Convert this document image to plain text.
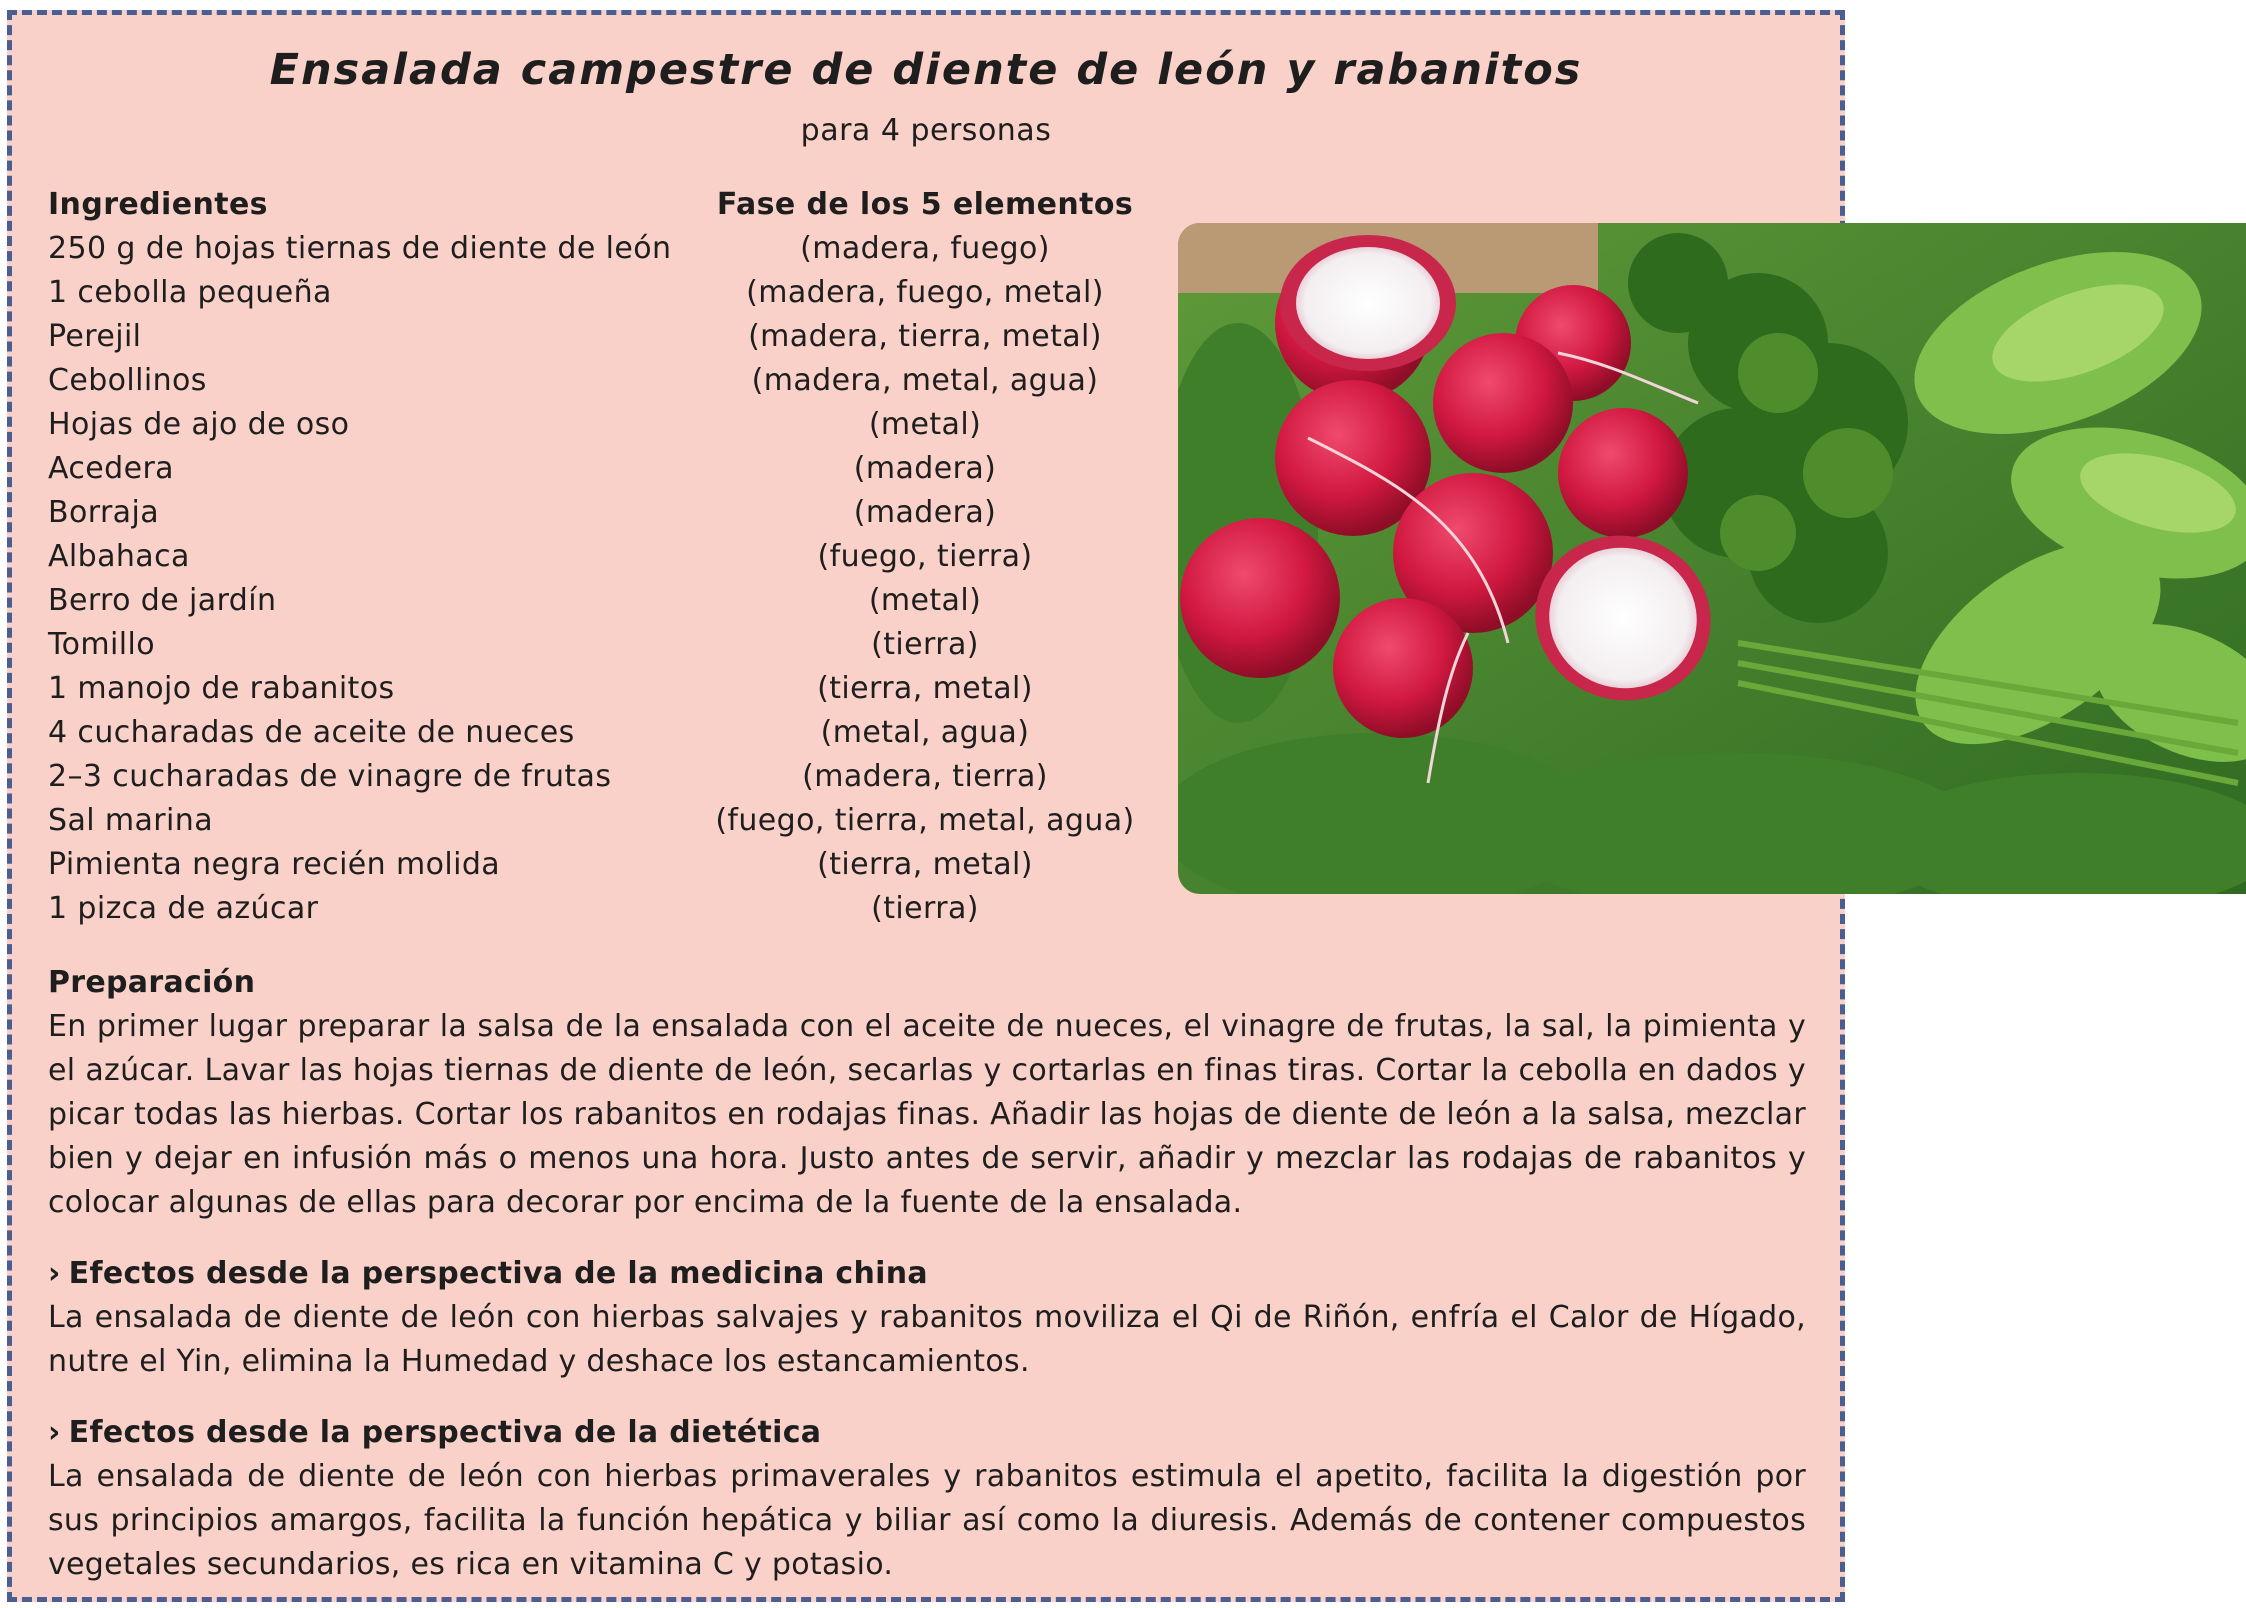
Ensalada campestre de diente de león y rabanitos
para 4 personas
Ingredientes
250 g de hojas tiernas de diente de león
1 cebolla pequeña
Perejil
Cebollinos
Hojas de ajo de oso
Acedera
Borraja
Albahaca
Berro de jardín
Tomillo
1 manojo de rabanitos
4 cucharadas de aceite de nueces
2–3 cucharadas de vinagre de frutas
Sal marina
Pimienta negra recién molida
1 pizca de azúcar
Fase de los 5 elementos
(madera, fuego)
(madera, fuego, metal)
(madera, tierra, metal)
(madera, metal, agua)
(metal)
(madera)
(madera)
(fuego, tierra)
(metal)
(tierra)
(tierra, metal)
(metal, agua)
(madera, tierra)
(fuego, tierra, metal, agua)
(tierra, metal)
(tierra)
Preparación

En primer lugar preparar la salsa de la ensalada con el aceite de nueces, el vinagre de frutas, la sal, la pimienta y el azúcar. Lavar las hojas tiernas de diente de león, secarlas y cortarlas en finas tiras. Cortar la cebolla en dados y picar todas las hierbas. Cortar los rabanitos en rodajas finas. Añadir las hojas de diente de león a la salsa, mezclar bien y dejar en infusión más o menos una hora. Justo antes de servir, añadir y mezclar las rodajas de rabanitos y colocar algunas de ellas para decorar por encima de la fuente de la ensalada.

› Efectos desde la perspectiva de la medicina china

La ensalada de diente de león con hierbas salvajes y rabanitos moviliza el Qi de Riñón, enfría el Calor de Hígado, nutre el Yin, elimina la Humedad y deshace los estancamientos.

› Efectos desde la perspectiva de la dietética

La ensalada de diente de león con hierbas primaverales y rabanitos estimula el apetito, facilita la digestión por sus principios amargos, facilita la función hepática y biliar así como la diuresis. Además de contener compuestos vegetales secundarios, es rica en vitamina C y potasio.
